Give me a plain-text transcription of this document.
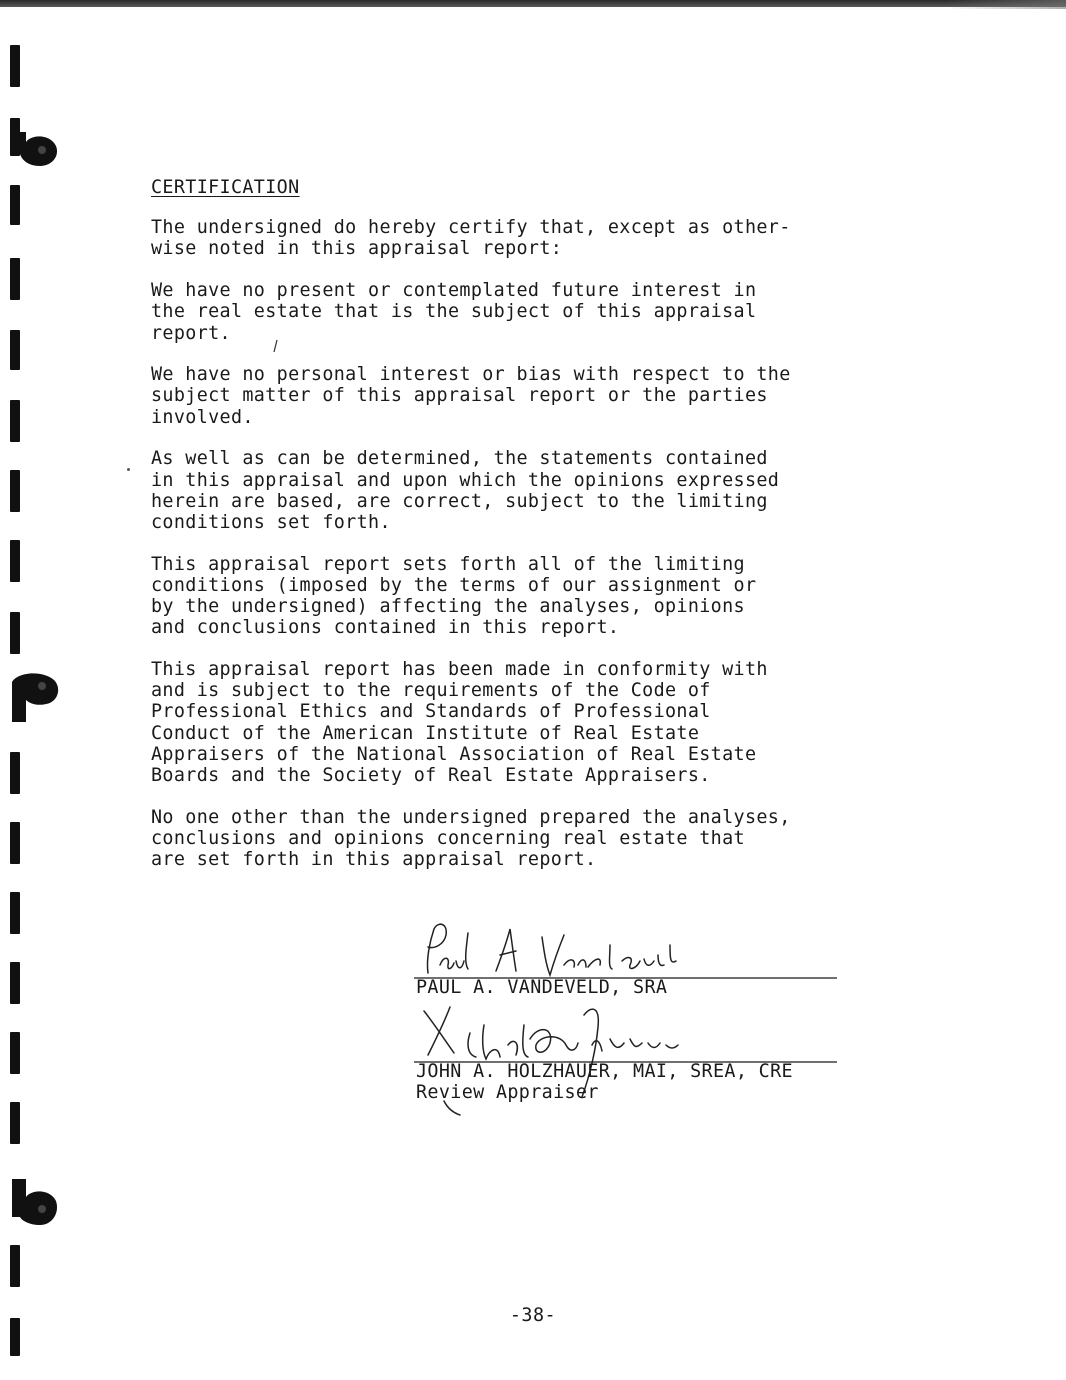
CERTIFICATION

The undersigned do hereby certify that, except as other-
wise noted in this appraisal report:

We have no present or contemplated future interest in
the real estate that is the subject of this appraisal
report.

We have no personal interest or bias with respect to the
subject matter of this appraisal report or the parties
involved.

As well as can be determined, the statements contained
in this appraisal and upon which the opinions expressed
herein are based, are correct, subject to the limiting
conditions set forth.

This appraisal report sets forth all of the limiting
conditions (imposed by the terms of our assignment or
by the undersigned) affecting the analyses, opinions
and conclusions contained in this report.

This appraisal report has been made in conformity with
and is subject to the requirements of the Code of
Professional Ethics and Standards of Professional
Conduct of the American Institute of Real Estate
Appraisers of the National Association of Real Estate
Boards and the Society of Real Estate Appraisers.

No one other than the undersigned prepared the analyses,
conclusions and opinions concerning real estate that
are set forth in this appraisal report.

PAUL A. VANDEVELD, SRA
JOHN A. HOLZHAUER, MAI, SREA, CRE
Review Appraiser
-38-
